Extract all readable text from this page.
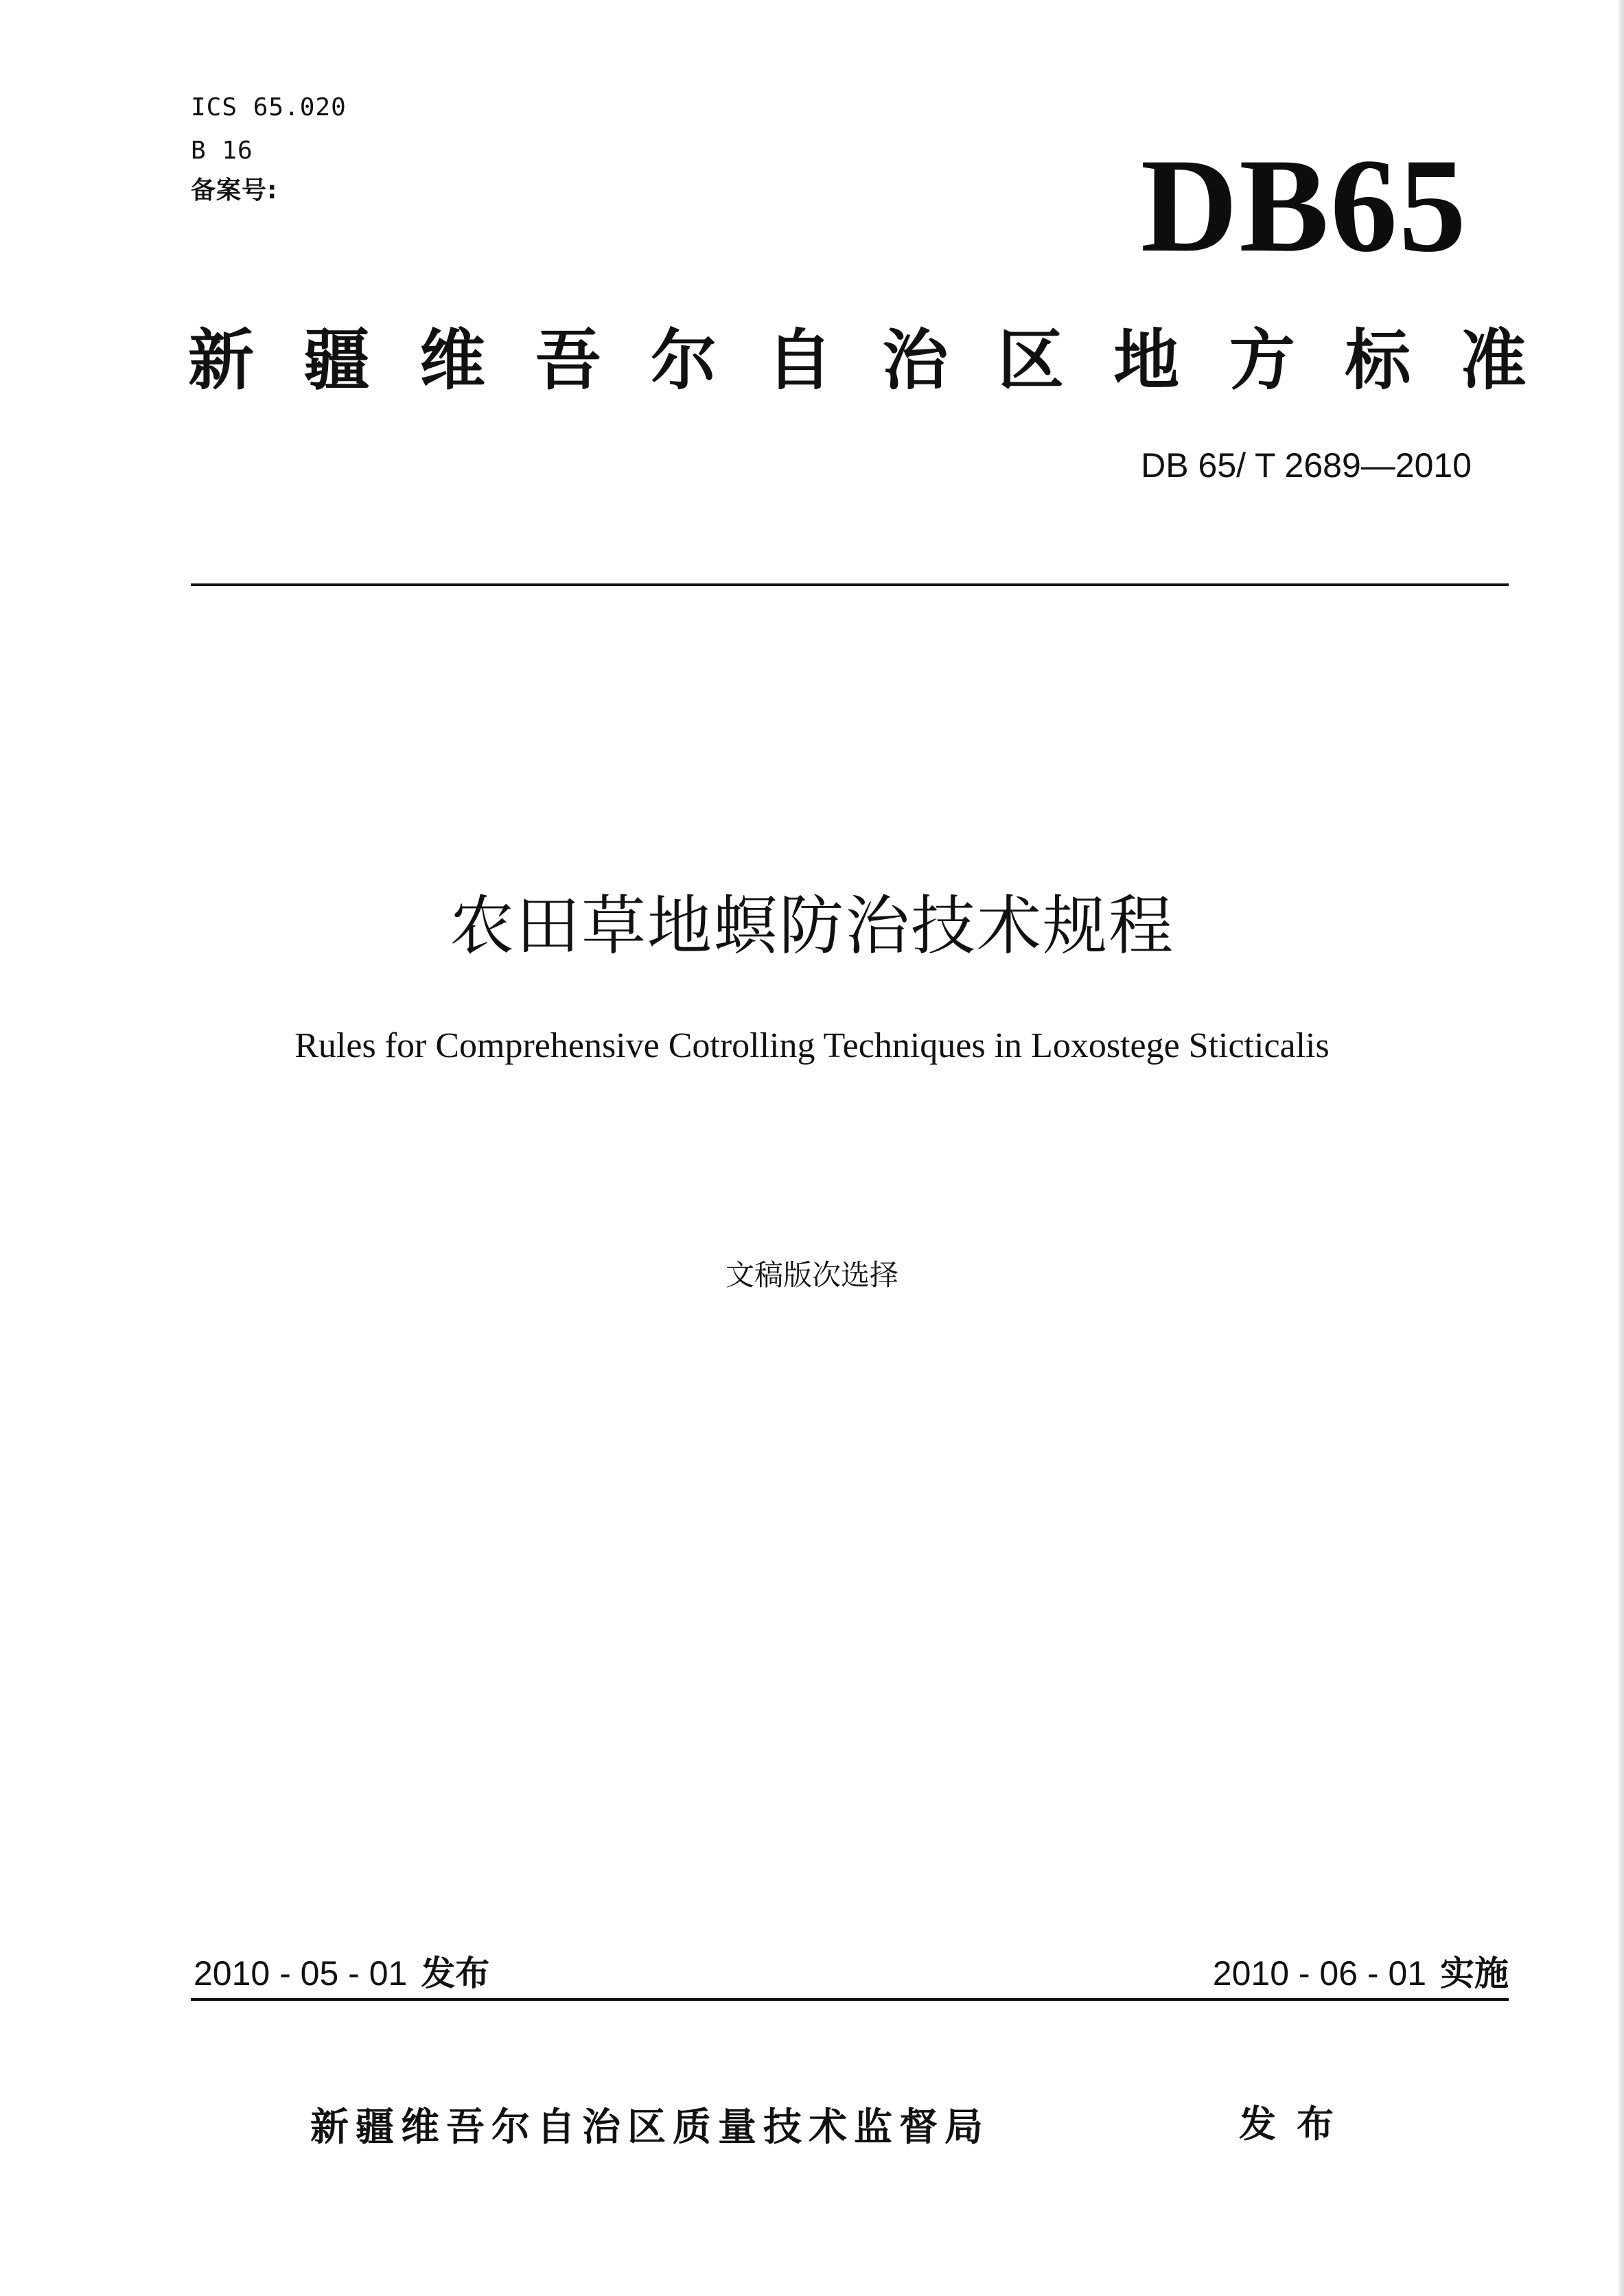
ICS 65.020
B 16
备案号:	DB65
新 疆 维 吾 尔 自 治 区 地 方 标 准
DB 65/ T 2689—2010
农田草地螟防治技术规程
Rules for Comprehensive Cotrolling Techniques in Loxostege Sticticalis
文稿版次选择
2010 - 05 - 01 发布	2010 - 06 - 01 实施
新疆维吾尔自治区质量技术监督局	发布
